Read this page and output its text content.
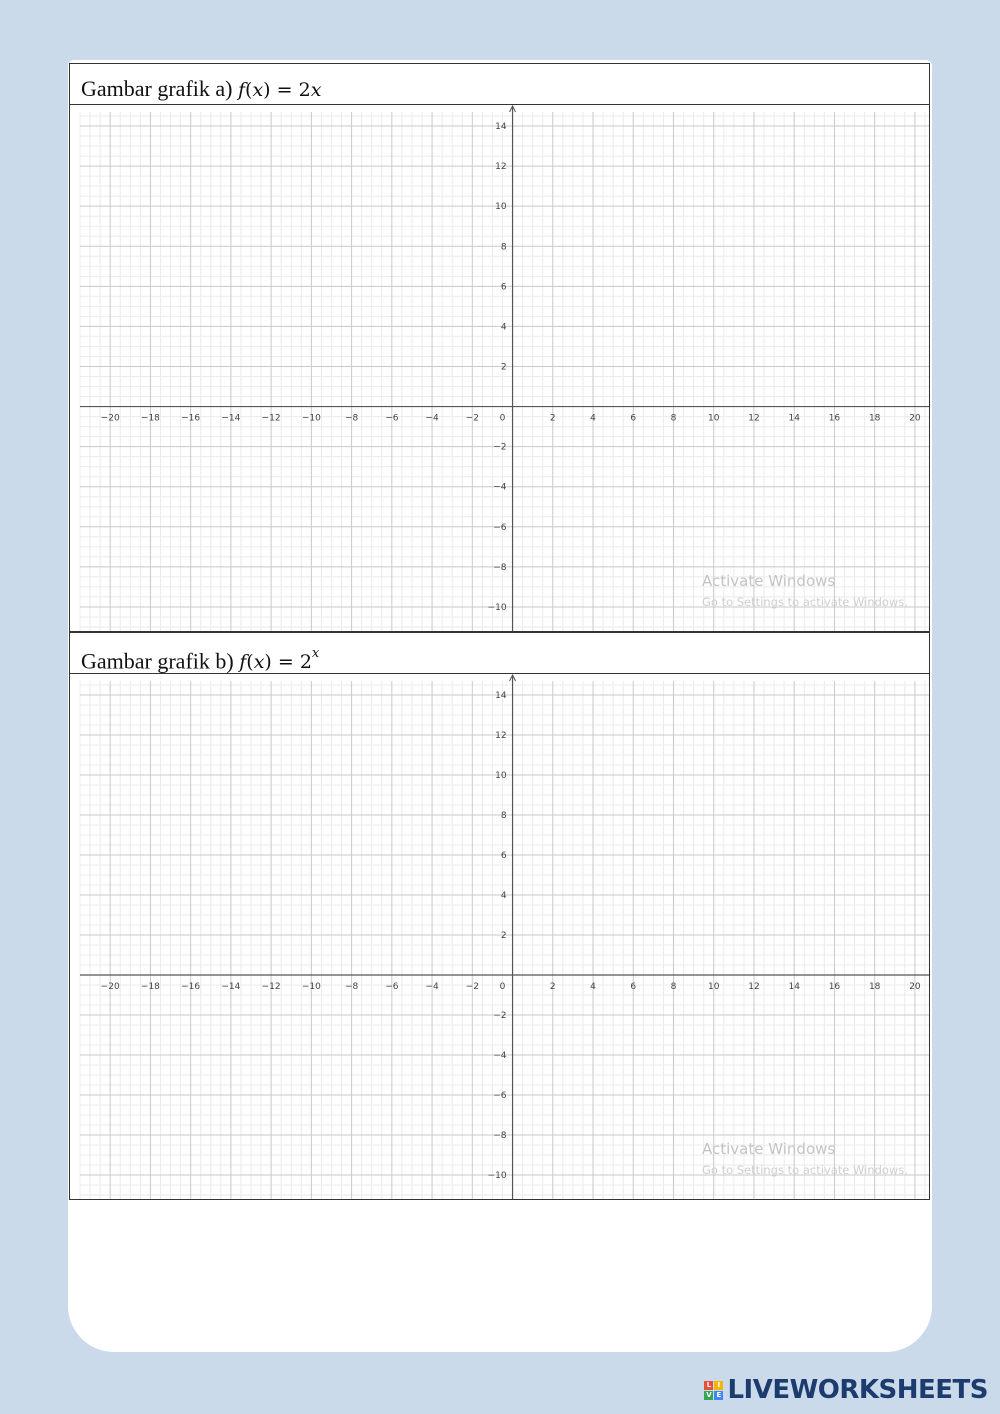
Gambar grafik a) f(x) = 2x
−20 −18 −16 −14 −12 −10	−8	−6	−4	−2 0	2	4	6	8	10	12	14	16	18	20
−10
−8
−6
−4
−2
2
4
6
8
10
12
14
Activate Windows
Go to Settings to activate Windows.
Gambar grafik b) $f(x) = 2^x$
−20 −18 −16 −14 −12 −10	−8	−6	−4	−2 0	2	4	6	8	10	12	14	16	18	20
−10
−8
−6
−4
−2
2
4
6
8
10
12
14
Activate Windows
Go to Settings to activate Windows.
L I
V E LIVEWORKSHEETS
